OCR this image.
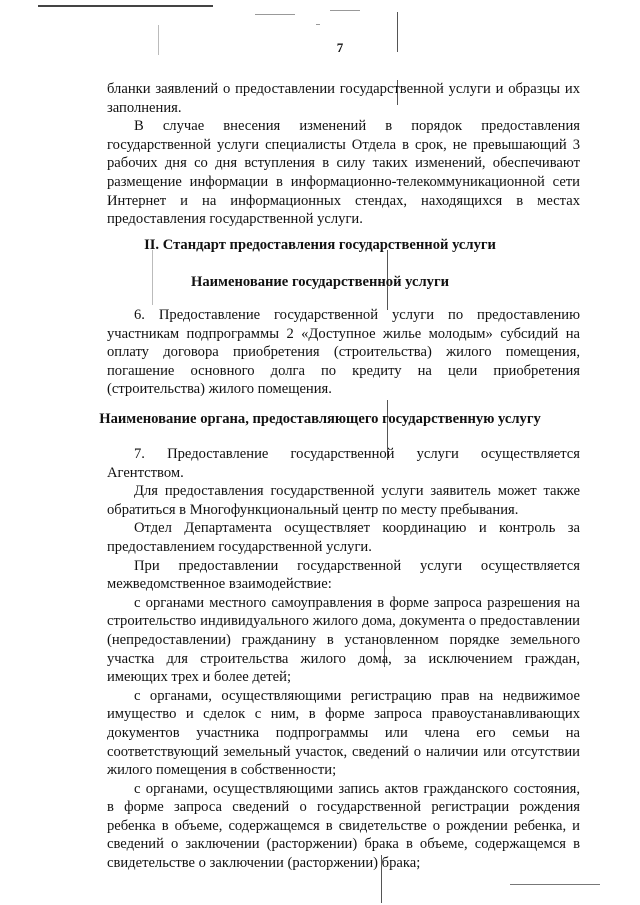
7

бланки заявлений о предоставлении государственной услуги и образцы их заполнения.

В случае внесения изменений в порядок предоставления государственной услуги специалисты Отдела в срок, не превышающий 3 рабочих дня со дня вступления в силу таких изменений, обеспечивают размещение информации в информационно-телекоммуникационной сети Интернет и на информационных стендах, находящихся в местах предоставления государственной услуги.

II. Стандарт предоставления государственной услуги
Наименование государственной услуги

6. Предоставление государственной услуги по предоставлению участникам подпрограммы 2 «Доступное жилье молодым» субсидий на оплату договора приобретения (строительства) жилого помещения, погашение основного долга по кредиту на цели приобретения (строительства) жилого помещения.

Наименование органа, предоставляющего государственную услугу

7. Предоставление государственной услуги осуществляется Агентством.

Для предоставления государственной услуги заявитель может также обратиться в Многофункциональный центр по месту пребывания.

Отдел Департамента осуществляет координацию и контроль за предоставлением государственной услуги.

При предоставлении государственной услуги осуществляется межведомственное взаимодействие:

с органами местного самоуправления в форме запроса разрешения на строительство индивидуального жилого дома, документа о предоставлении (непредоставлении) гражданину в установленном порядке земельного участка для строительства жилого дома, за исключением граждан, имеющих трех и более детей;

с органами, осуществляющими регистрацию прав на недвижимое имущество и сделок с ним, в форме запроса правоустанавливающих документов участника подпрограммы или члена его семьи на соответствующий земельный участок, сведений о наличии или отсутствии жилого помещения в собственности;

с органами, осуществляющими запись актов гражданского состояния, в форме запроса сведений о государственной регистрации рождения ребенка в объеме, содержащемся в свидетельстве о рождении ребенка, и сведений о заключении (расторжении) брака в объеме, содержащемся в свидетельстве о заключении (расторжении) брака;
